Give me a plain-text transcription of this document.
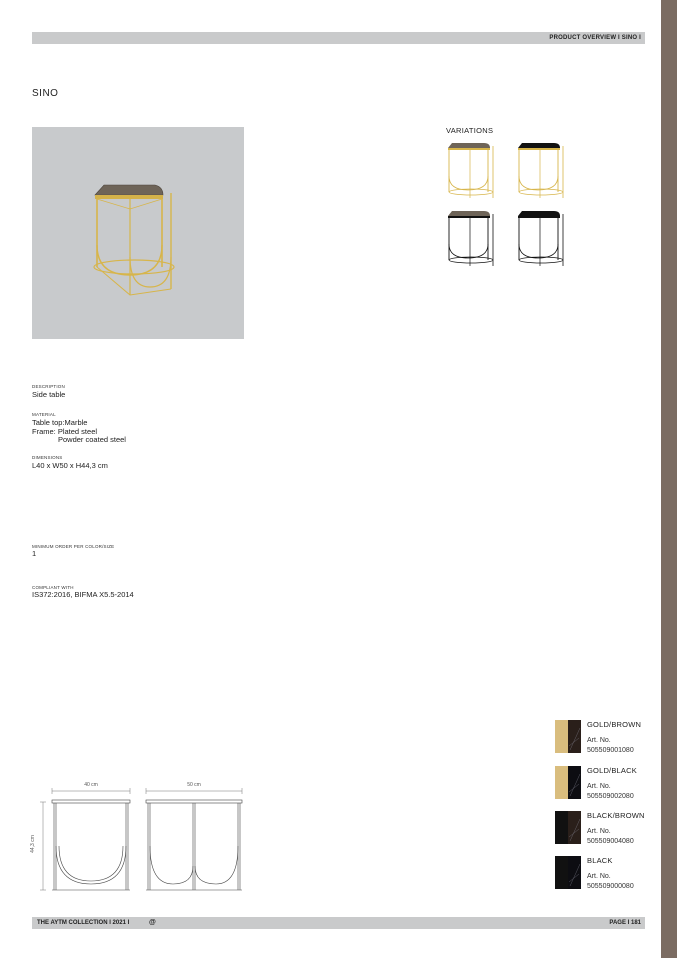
PRODUCT OVERVIEW I SINO I
SINO
VARIATIONS
DESCRIPTION
Side table
MATERIAL
Table top:Marble
Frame: Plated steel
Powder coated steel
DIMENSIONS
L40 x W50 x H44,3 cm
MINIMUM ORDER PER COLOR/SIZE
1
COMPLIANT WITH
IS372:2016, BIFMA X5.5-2014
GOLD/BROWN
Art. No.
505509001080
GOLD/BLACK
Art. No.
505509002080
BLACK/BROWN
Art. No.
505509004080
BLACK
Art. No.
505509000080
40 cm	50 cm
44,3 cm
THE AYTM COLLECTION I 2021 I	@	PAGE I 181
